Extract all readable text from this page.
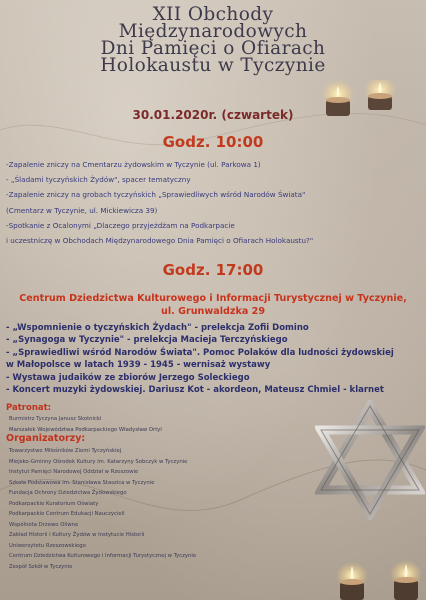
XII Obchody
Międzynarodowych
Dni Pamięci o Ofiarach
Holokaustu w Tyczynie
30.01.2020r. (czwartek)
Godz. 10:00
-Zapalenie zniczy na Cmentarzu żydowskim w Tyczynie (ul. Parkowa 1)
- „Śladami tyczyńskich Żydów", spacer tematyczny
-Zapalenie zniczy na grobach tyczyńskich „Sprawiedliwych wśród Narodów Świata"
(Cmentarz w Tyczynie, ul. Mickiewicza 39)
-Spotkanie z Ocalonymi „Dlaczego przyjeżdżam na Podkarpacie
i uczestniczę w Obchodach Międzynarodowego Dnia Pamięci o Ofiarach Holokaustu?"
Godz. 17:00
Centrum Dziedzictwa Kulturowego i Informacji Turystycznej w Tyczynie,
ul. Grunwaldzka 29
- „Wspomnienie o tyczyńskich Żydach" - prelekcja Zofii Domino
- „Synagoga w Tyczynie" - prelekcja Macieja Terczyńskiego
- „Sprawiedliwi wśród Narodów Świata". Pomoc Polaków dla ludności żydowskiej
w Małopolsce w latach 1939 - 1945 - wernisaż wystawy
- Wystawa judaików ze zbiorów Jerzego Soleckiego
- Koncert muzyki żydowskiej. Dariusz Kot - akordeon, Mateusz Chmiel - klarnet
Patronat:
Burmistrz Tyczyna Janusz Skotnicki
Marszałek Województwa Podkarpackiego Władysław Ortyl
Organizatorzy:
Towarzystwo Miłośników Ziemi Tyczyńskiej
Miejsko-Gminny Ośrodek Kultury im. Katarzyny Sobczyk w Tyczynie
Instytut Pamięci Narodowej Oddział w Rzeszowie
Szkoła Podstawowa im. Stanisława Staszica w Tyczynie
Fundacja Ochrony Dziedzictwa Żydowskiego
Podkarpackie Kuratorium Oświaty
Podkarpackie Centrum Edukacji Nauczycieli
Wspólnota Drzewo Oliwne
Zakład Historii i Kultury Żydów w Instytucie Historii
Uniwersytetu Rzeszowskiego
Centrum Dziedzictwa Kulturowego i Informacji Turystycznej w Tyczynie
Zespół Szkół w Tyczynie
